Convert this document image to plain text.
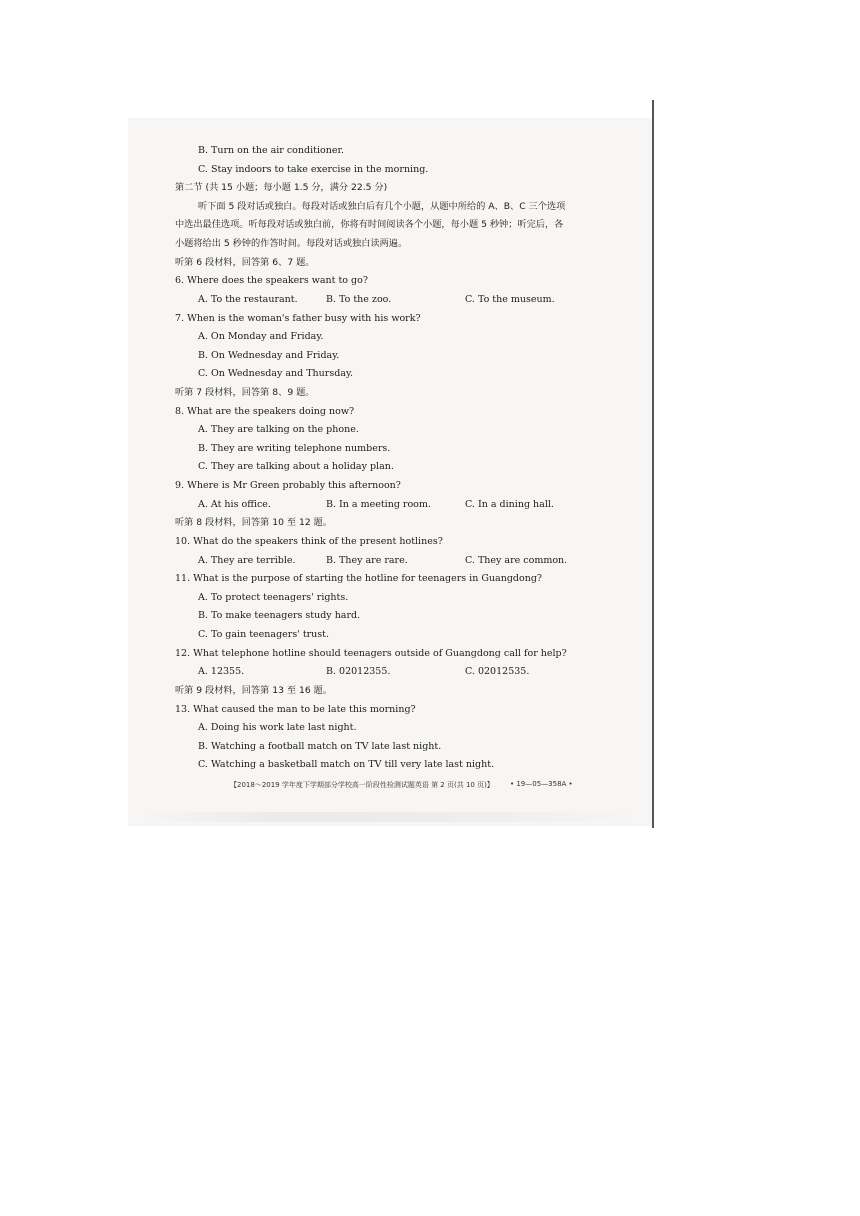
B. Turn on the air conditioner.
C. Stay indoors to take exercise in the morning.
第二节 (共 15 小题；每小题 1.5 分，满分 22.5 分)
听下面 5 段对话或独白。每段对话或独白后有几个小题，从题中所给的 A、B、C 三个选项
中选出最佳选项。听每段对话或独白前，你将有时间阅读各个小题，每小题 5 秒钟；听完后，各
小题将给出 5 秒钟的作答时间。每段对话或独白读两遍。
听第 6 段材料，回答第 6、7 题。
6. Where does the speakers want to go?
A. To the restaurant.	B. To the zoo.	C. To the museum.
7. When is the woman's father busy with his work?
A. On Monday and Friday.
B. On Wednesday and Friday.
C. On Wednesday and Thursday.
听第 7 段材料，回答第 8、9 题。
8. What are the speakers doing now?
A. They are talking on the phone.
B. They are writing telephone numbers.
C. They are talking about a holiday plan.
9. Where is Mr Green probably this afternoon?
A. At his office.	B. In a meeting room.	C. In a dining hall.
听第 8 段材料，回答第 10 至 12 题。
10. What do the speakers think of the present hotlines?
A. They are terrible.	B. They are rare.	C. They are common.
11. What is the purpose of starting the hotline for teenagers in Guangdong?
A. To protect teenagers' rights.
B. To make teenagers study hard.
C. To gain teenagers' trust.
12. What telephone hotline should teenagers outside of Guangdong call for help?
A. 12355.	B. 02012355.	C. 02012535.
听第 9 段材料，回答第 13 至 16 题。
13. What caused the man to be late this morning?
A. Doing his work late last night.
B. Watching a football match on TV late last night.
C. Watching a basketball match on TV till very late last night.
【2018～2019 学年度下学期部分学校高一阶段性检测试题英语 第 2 页(共 10 页)】 • 19—05—358A •
